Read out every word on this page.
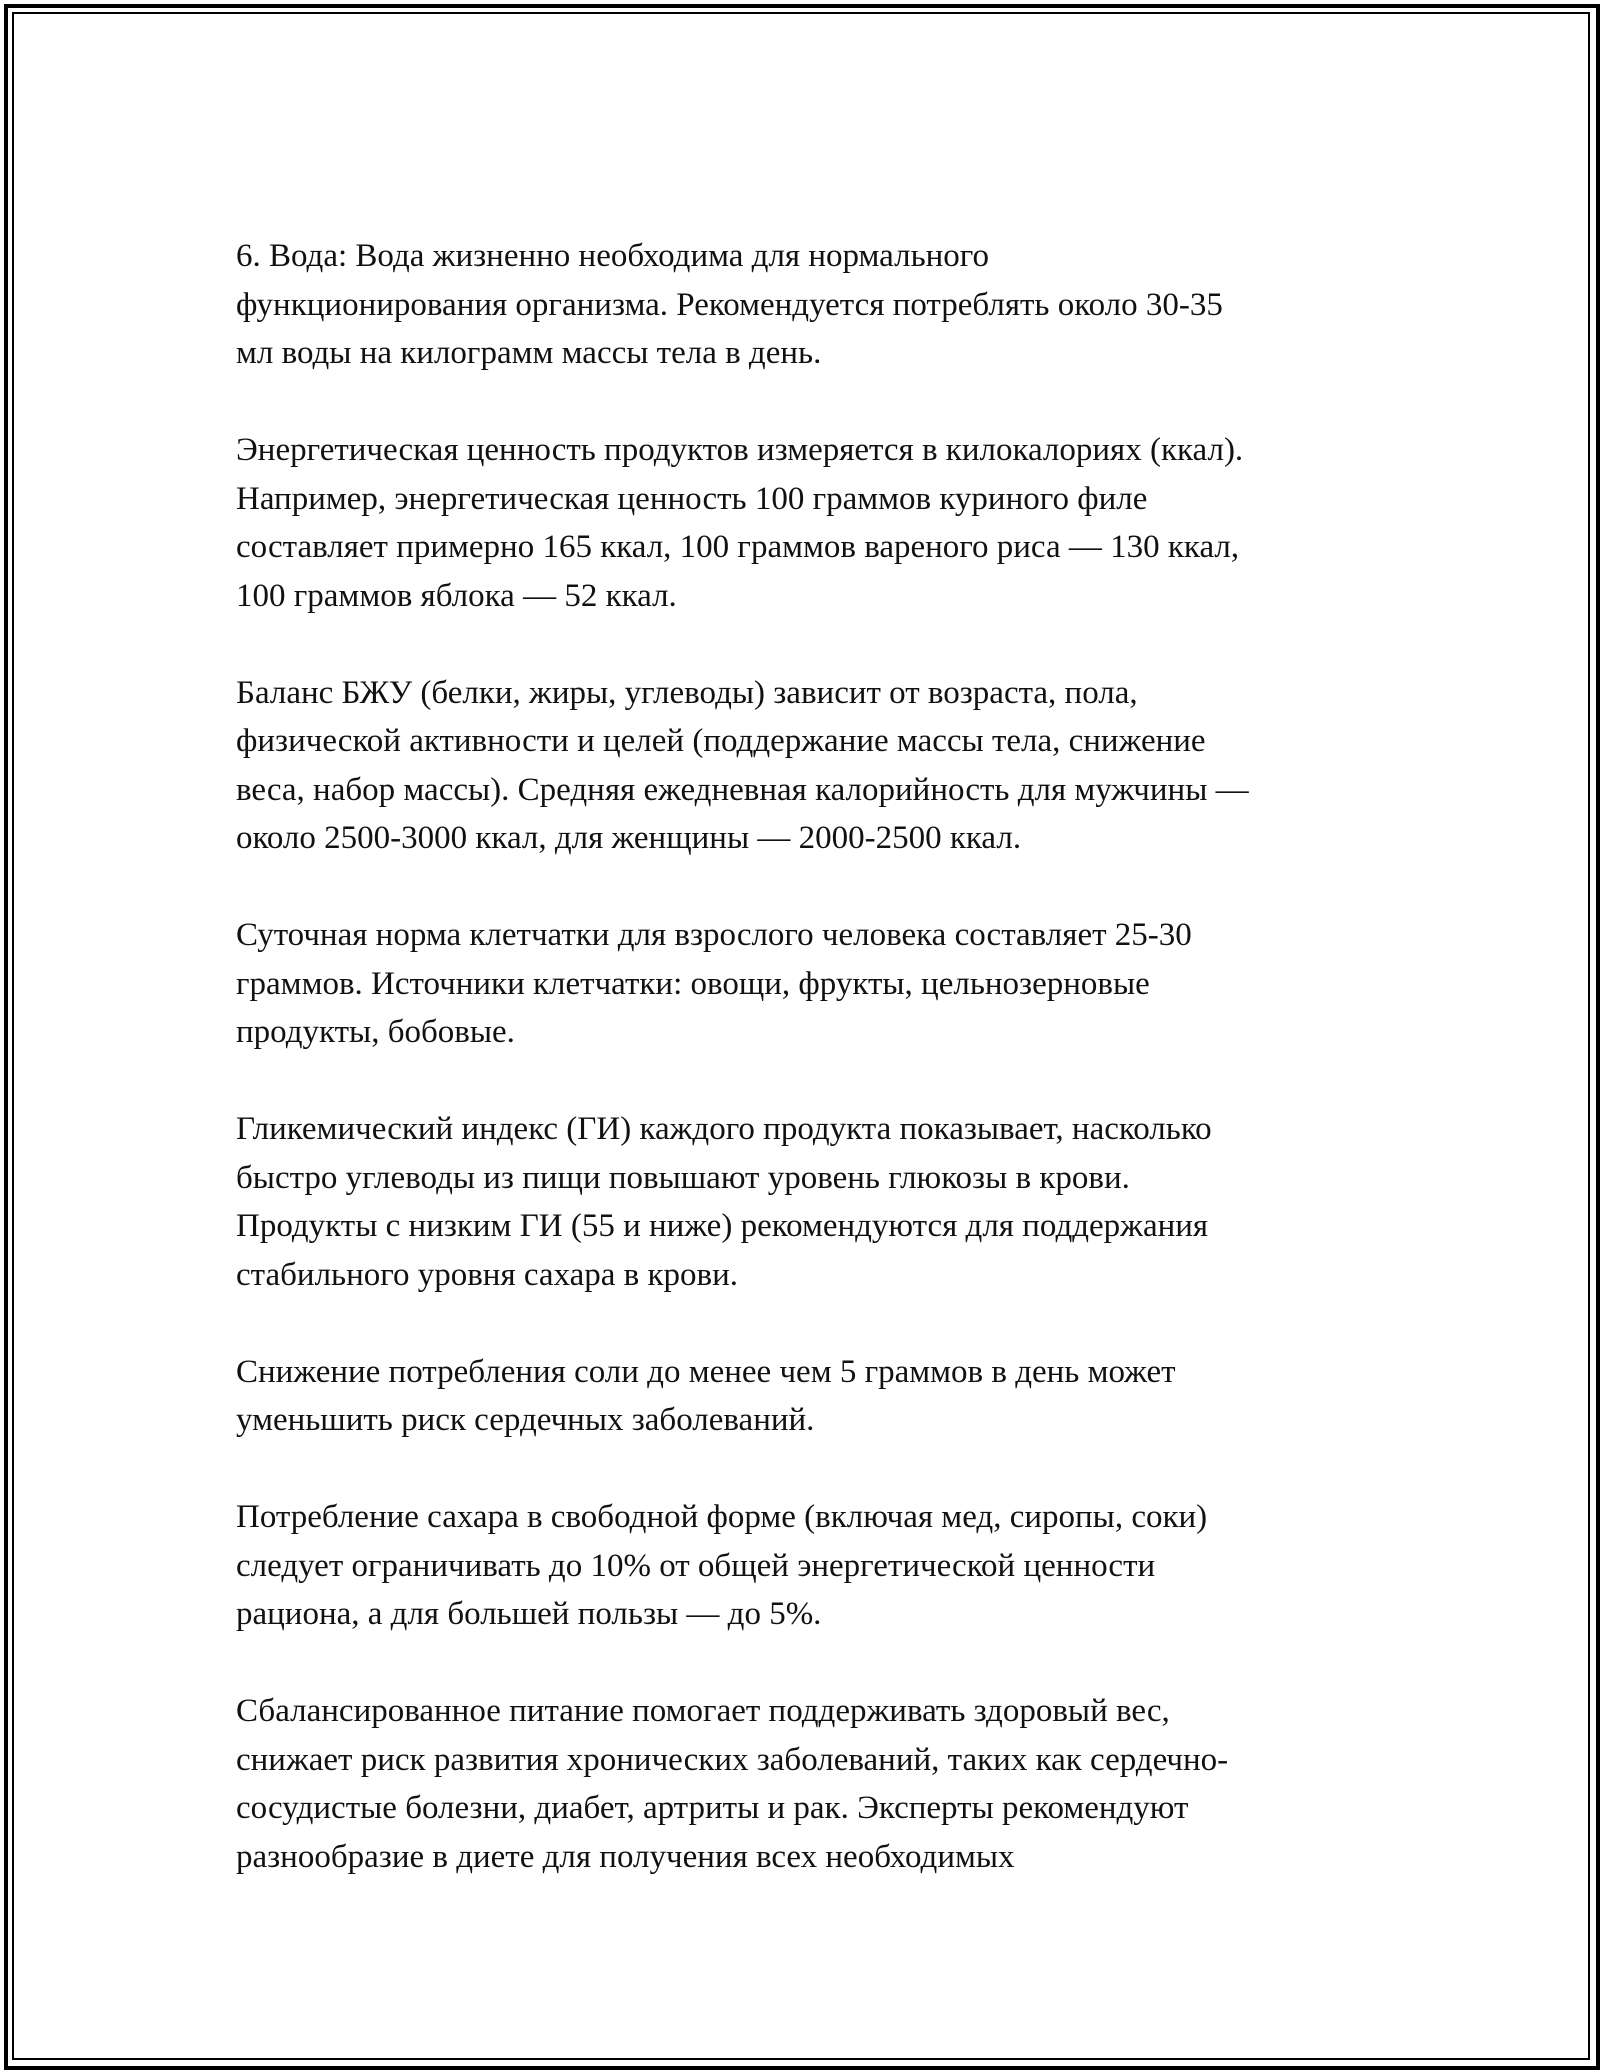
6. Вода: Вода жизненно необходима для нормального
функционирования организма. Рекомендуется потреблять около 30-35
мл воды на килограмм массы тела в день.

Энергетическая ценность продуктов измеряется в килокалориях (ккал).
Например, энергетическая ценность 100 граммов куриного филе
составляет примерно 165 ккал, 100 граммов вареного риса — 130 ккал,
100 граммов яблока — 52 ккал.

Баланс БЖУ (белки, жиры, углеводы) зависит от возраста, пола,
физической активности и целей (поддержание массы тела, снижение
веса, набор массы). Средняя ежедневная калорийность для мужчины —
около 2500-3000 ккал, для женщины — 2000-2500 ккал.

Суточная норма клетчатки для взрослого человека составляет 25-30
граммов. Источники клетчатки: овощи, фрукты, цельнозерновые
продукты, бобовые.

Гликемический индекс (ГИ) каждого продукта показывает, насколько
быстро углеводы из пищи повышают уровень глюкозы в крови.
Продукты с низким ГИ (55 и ниже) рекомендуются для поддержания
стабильного уровня сахара в крови.

Снижение потребления соли до менее чем 5 граммов в день может
уменьшить риск сердечных заболеваний.

Потребление сахара в свободной форме (включая мед, сиропы, соки)
следует ограничивать до 10% от общей энергетической ценности
рациона, а для большей пользы — до 5%.

Сбалансированное питание помогает поддерживать здоровый вес,
снижает риск развития хронических заболеваний, таких как сердечно-
сосудистые болезни, диабет, артриты и рак. Эксперты рекомендуют
разнообразие в диете для получения всех необходимых
